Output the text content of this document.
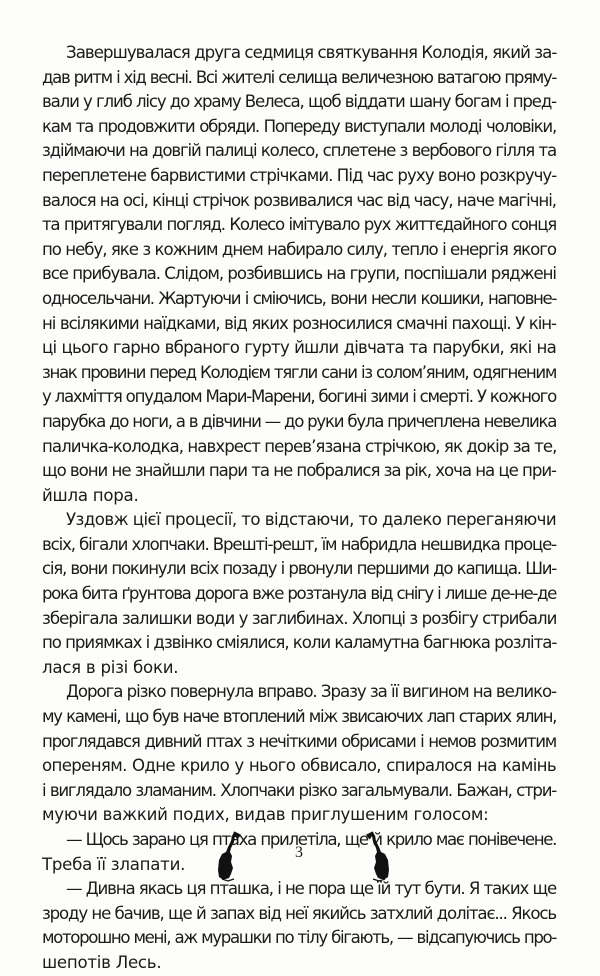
Завершувалася друга седмиця святкування Колодія, який за-
дав ритм і хід весні. Всі жителі селища величезною ватагою пряму-
вали у глиб лісу до храму Велеса, щоб віддати шану богам і пред-
кам та продовжити обряди. Попереду виступали молоді чоловіки,
здіймаючи на довгій палиці колесо, сплетене з вербового гілля та
переплетене барвистими стрічками. Під час руху воно розкручу-
валося на осі, кінці стрічок розвивалися час від часу, наче магічні,
та притягували погляд. Колесо імітувало рух життєдайного сонця
по небу, яке з кожним днем набирало силу, тепло і енергія якого
все прибувала. Слідом, розбившись на групи, поспішали ряджені
односельчани. Жартуючи і сміючись, вони несли кошики, наповне-
ні всілякими наїдками, від яких розносилися смачні пахощі. У кін-
ці цього гарно вбраного гурту йшли дівчата та парубки, які на
знак провини перед Колодієм тягли сани із солом’яним, одягненим
у лахміття опудалом Мари-Марени, богині зими і смерті. У кожного
парубка до ноги, а в дівчини — до руки була причеплена невелика
паличка-колодка, навхрест перев’язана стрічкою, як докір за те,
що вони не знайшли пари та не побралися за рік, хоча на це при-
йшла пора.
Уздовж цієї процесії, то відстаючи, то далеко переганяючи
всіх, бігали хлопчаки. Врешті-решт, їм набридла нешвидка проце-
сія, вони покинули всіх позаду і рвонули першими до капища. Ши-
рока бита ґрунтова дорога вже розтанула від снігу і лише де-не-де
зберігала залишки води у заглибинах. Хлопці з розбігу стрибали
по приямках і дзвінко сміялися, коли каламутна багнюка розліта-
лася в різі боки.
Дорога різко повернула вправо. Зразу за її вигином на велико-
му камені, що був наче втоплений між звисаючих лап старих ялин,
проглядався дивний птах з нечіткими обрисами і немов розмитим
опереням. Одне крило у нього обвисало, спиралося на камінь
і виглядало зламаним. Хлопчаки різко загальмували. Бажан, стри-
муючи важкий подих, видав приглушеним голосом:
— Щось зарано ця птаха прилетіла, ще й крило має понівечене.
Треба її злапати.
— Дивна якась ця пташка, і не пора ще їй тут бути. Я таких ще
зроду не бачив, ще й запах від неї якийсь затхлий долітає... Якось
моторошно мені, аж мурашки по тілу бігають, — відсапуючись про-
шепотів Лесь.
3
